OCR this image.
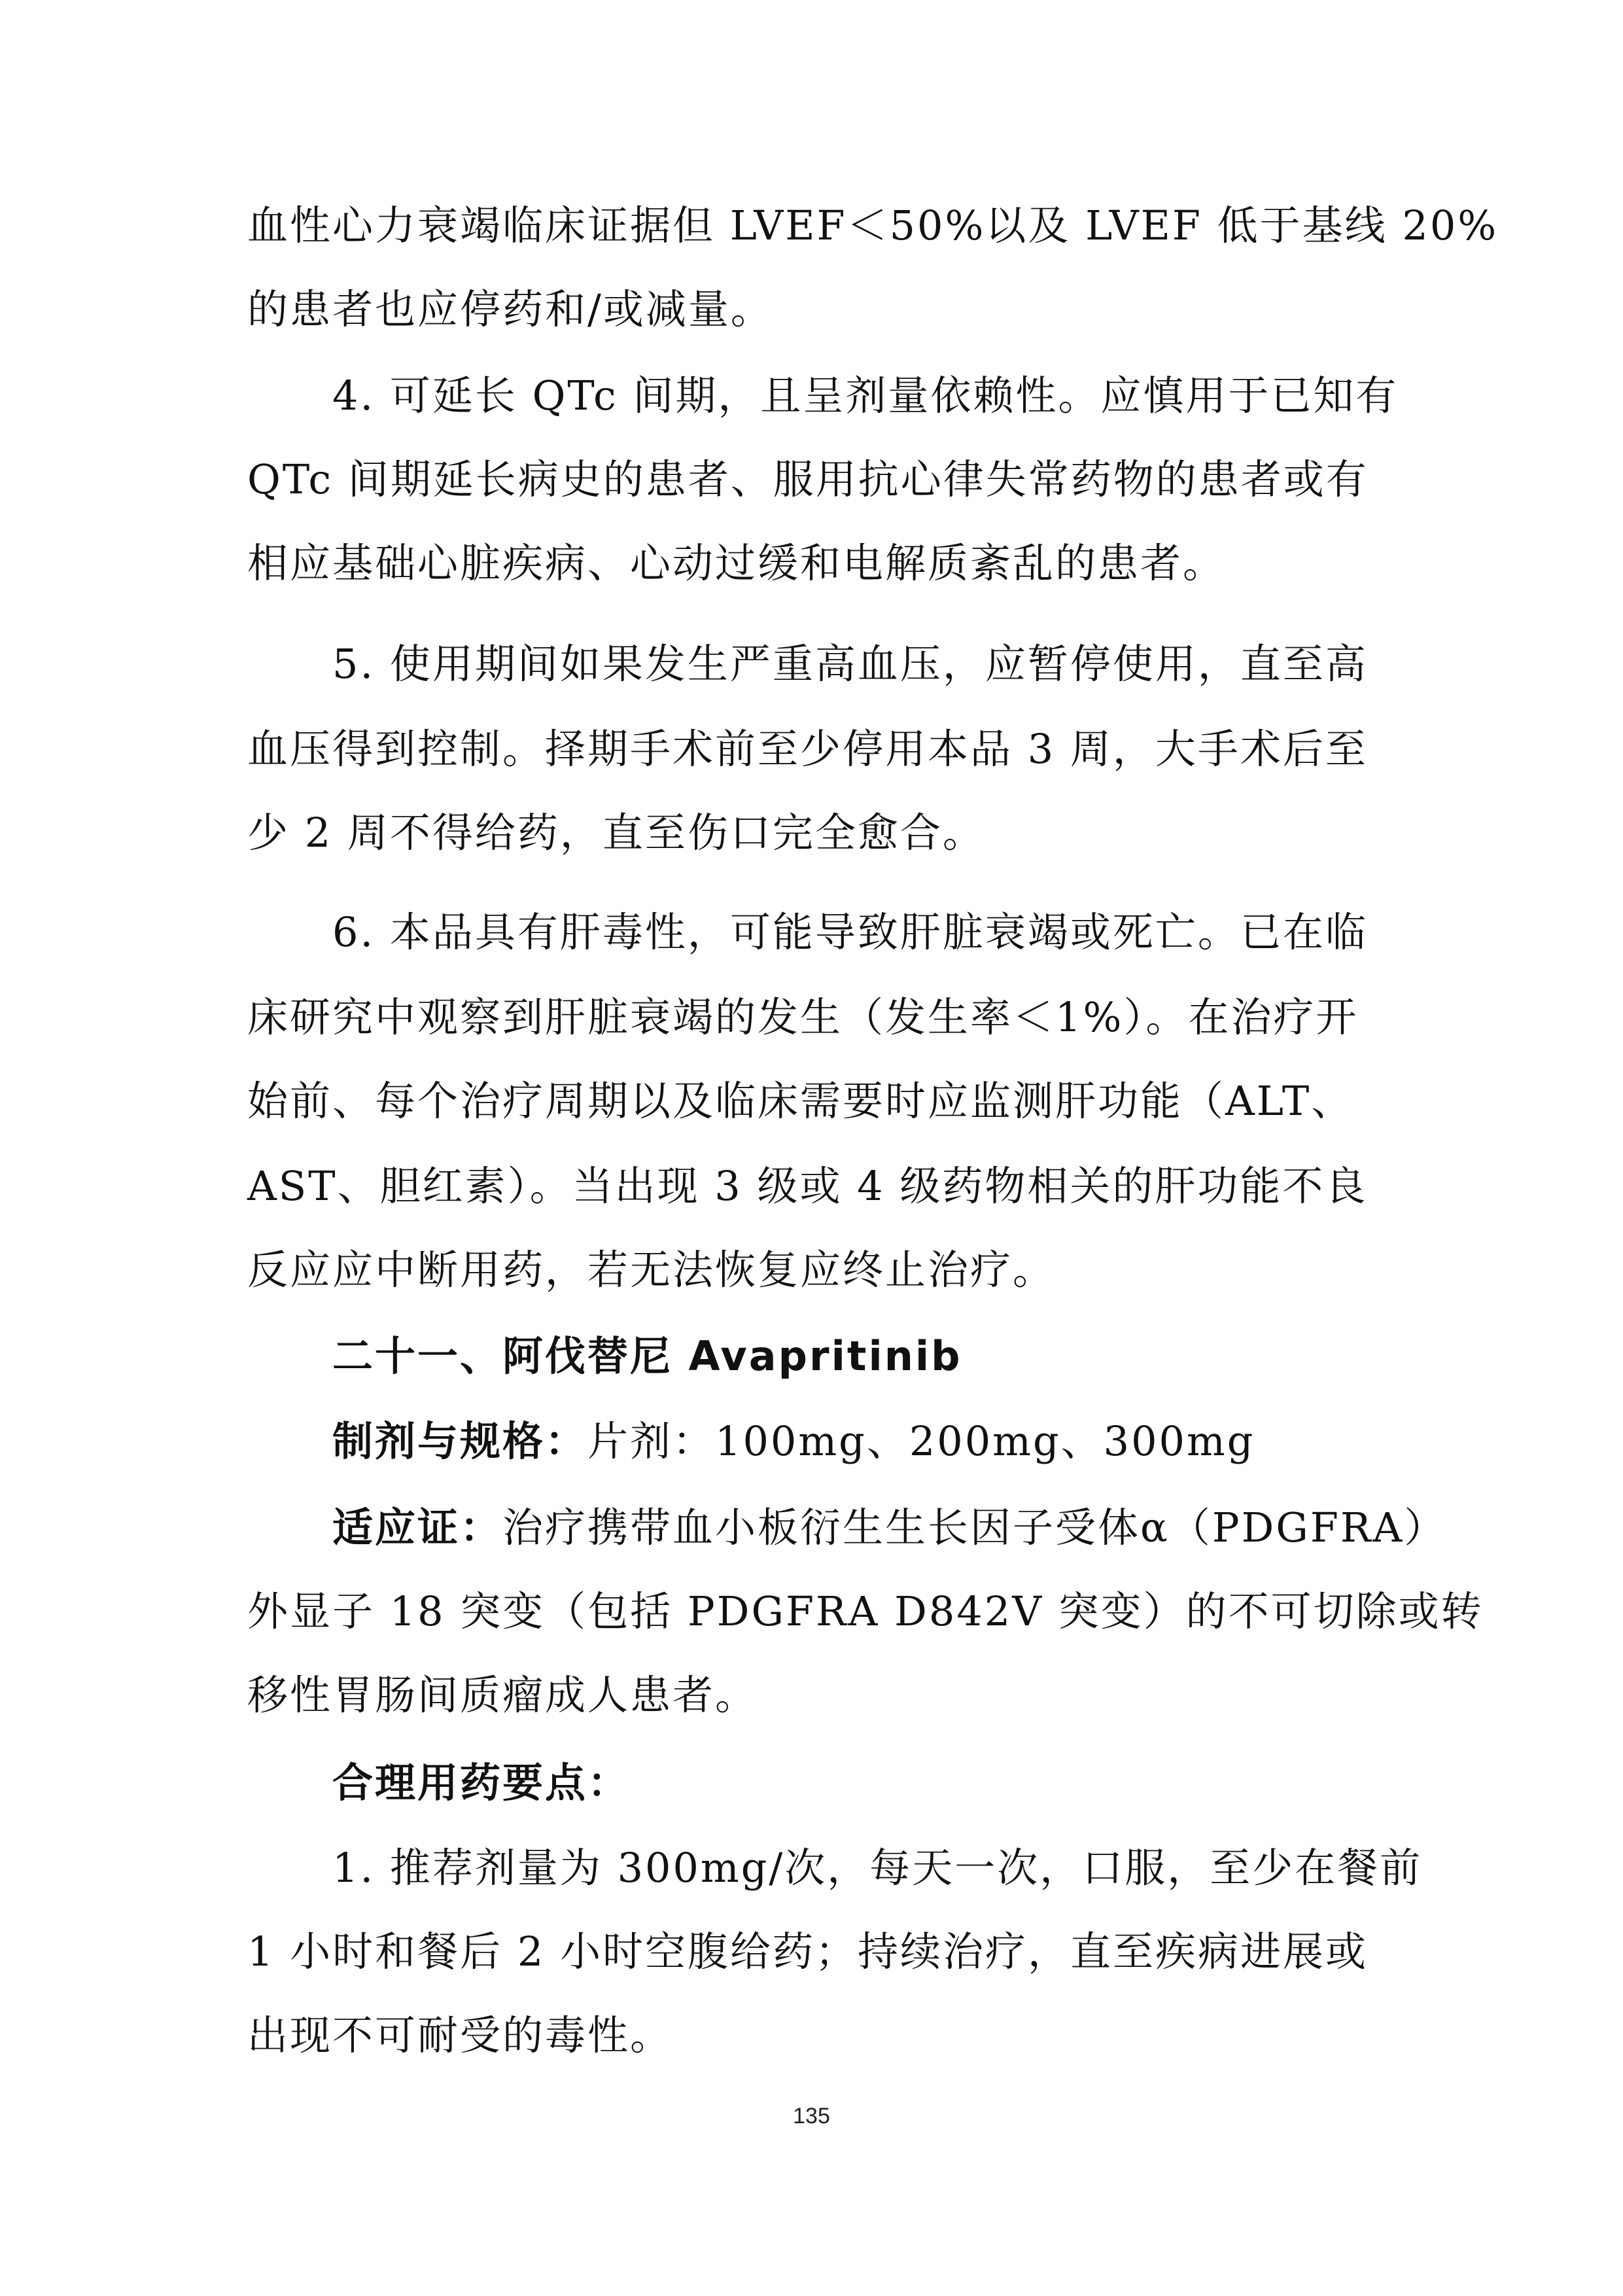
血性心力衰竭临床证据但 LVEF＜50%以及 LVEF 低于基线 20%
的患者也应停药和/或减量。
4. 可延长 QTc 间期，且呈剂量依赖性。应慎用于已知有
QTc 间期延长病史的患者、服用抗心律失常药物的患者或有
相应基础心脏疾病、心动过缓和电解质紊乱的患者。
5. 使用期间如果发生严重高血压，应暂停使用，直至高
血压得到控制。择期手术前至少停用本品 3 周，大手术后至
少 2 周不得给药，直至伤口完全愈合。
6. 本品具有肝毒性，可能导致肝脏衰竭或死亡。已在临
床研究中观察到肝脏衰竭的发生（发生率＜1%）。在治疗开
始前、每个治疗周期以及临床需要时应监测肝功能（ALT、
AST、胆红素）。当出现 3 级或 4 级药物相关的肝功能不良
反应应中断用药，若无法恢复应终止治疗。
二十一、阿伐替尼 Avapritinib
制剂与规格：片剂：100mg、200mg、300mg
适应证：治疗携带血小板衍生生长因子受体α（PDGFRA）
外显子 18 突变（包括 PDGFRA D842V 突变）的不可切除或转
移性胃肠间质瘤成人患者。
合理用药要点：
1. 推荐剂量为 300mg/次，每天一次，口服，至少在餐前
1 小时和餐后 2 小时空腹给药；持续治疗，直至疾病进展或
出现不可耐受的毒性。
135
